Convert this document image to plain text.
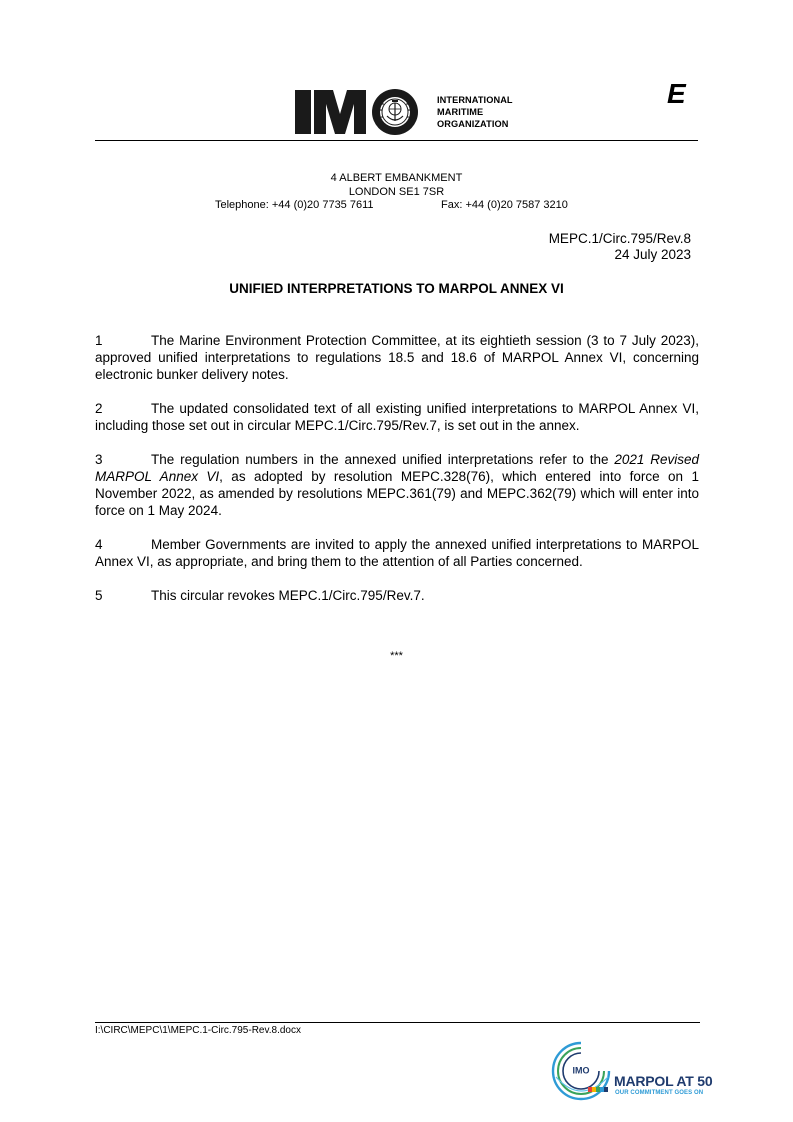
INTERNATIONAL
MARITIME
ORGANIZATION
E
4 ALBERT EMBANKMENT
LONDON SE1 7SR
Telephone: +44 (0)20 7735 7611	Fax: +44 (0)20 7587 3210
MEPC.1/Circ.795/Rev.8
24 July 2023
UNIFIED INTERPRETATIONS TO MARPOL ANNEX VI

1	The Marine Environment Protection Committee, at its eightieth session (3 to 7 July 2023), approved unified interpretations to regulations 18.5 and 18.6 of MARPOL Annex VI, concerning electronic bunker delivery notes.

2	The updated consolidated text of all existing unified interpretations to MARPOL Annex VI, including those set out in circular MEPC.1/Circ.795/Rev.7, is set out in the annex.

3	The regulation numbers in the annexed unified interpretations refer to the 2021 Revised MARPOL Annex VI, as adopted by resolution MEPC.328(76), which entered into force on 1 November 2022, as amended by resolutions MEPC.361(79) and MEPC.362(79) which will enter into force on 1 May 2024.

4	Member Governments are invited to apply the annexed unified interpretations to MARPOL Annex VI, as appropriate, and bring them to the attention of all Parties concerned.

5	This circular revokes MEPC.1/Circ.795/Rev.7.

***
I:\CIRC\MEPC\1\MEPC.1-Circ.795-Rev.8.docx
IMO
MARPOL AT 50
OUR COMMITMENT GOES ON
